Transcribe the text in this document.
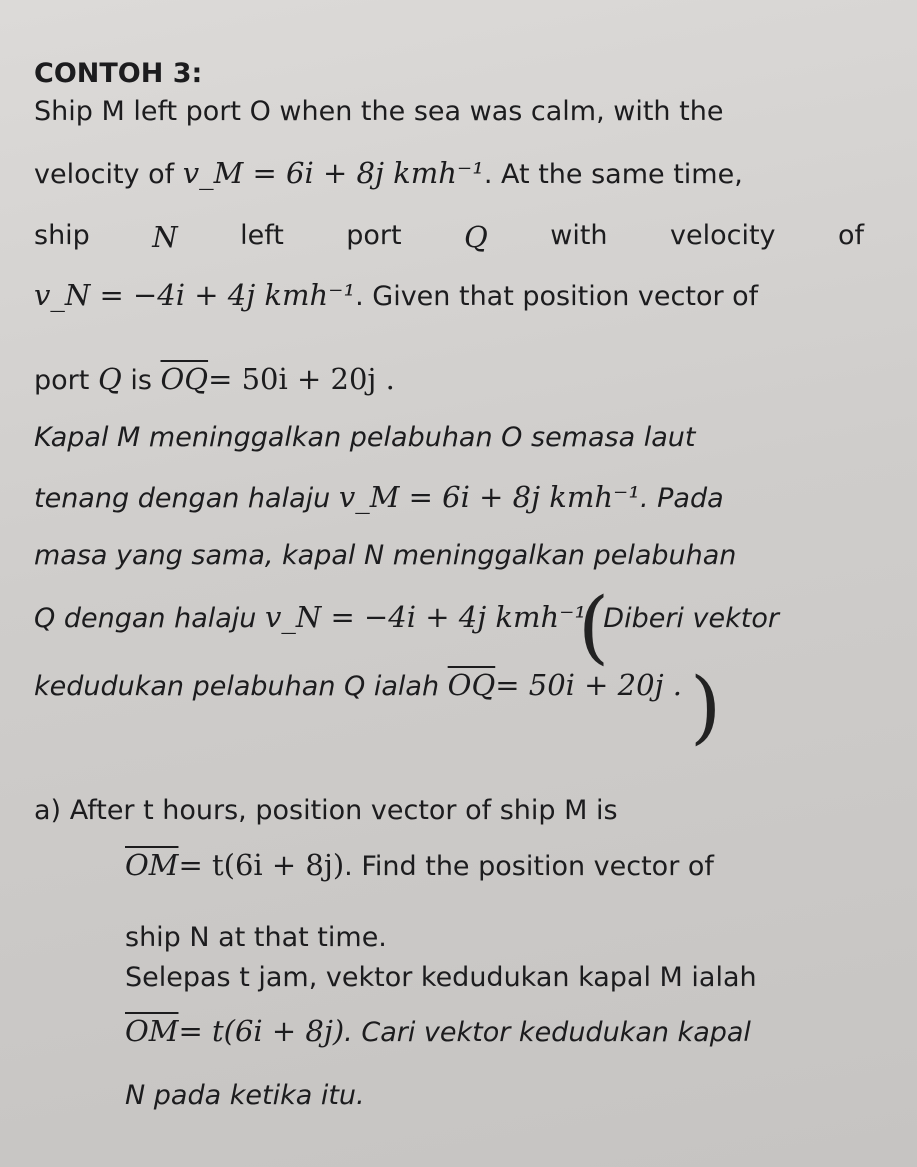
CONTOH 3:
Ship M left port O when the sea was calm, with the
velocity of v_M = 6i + 8j kmh⁻¹. At the same time,
ship N left port Q with velocity of
v_N = −4i + 4j kmh⁻¹. Given that position vector of
port Q is $\overline{OQ}= 50i + 20j$ .
Kapal M meninggalkan pelabuhan O semasa laut
tenang dengan halaju v_M = 6i + 8j kmh⁻¹. Pada
masa yang sama, kapal N meninggalkan pelabuhan
Q dengan halaju v_N = −4i + 4j kmh⁻¹. Diberi vektor
kedudukan pelabuhan Q ialah $\overline{OQ}= 50i + 20j$ .
(
)
a) After t hours, position vector of ship M is
$\overline{OM}= t(6i + 8j)$. Find the position vector of
ship N at that time.
Selepas t jam, vektor kedudukan kapal M ialah
$\overline{OM}= t(6i + 8j)$. Cari vektor kedudukan kapal
N pada ketika itu.
